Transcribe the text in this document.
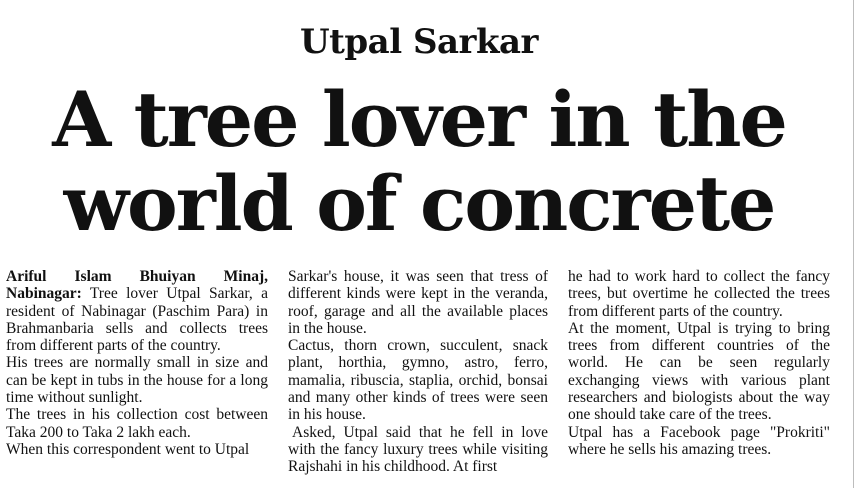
Utpal Sarkar
A tree lover in the world of concrete

Ariful Islam Bhuiyan Minaj, Nabinagar: Tree lover Utpal Sarkar, a resident of Nabinagar (Paschim Para) in Brahmanbaria sells and collects trees from different parts of the country.

His trees are normally small in size and can be kept in tubs in the house for a long time without sunlight.

The trees in his collection cost between Taka 200 to Taka 2 lakh each.

When this correspondent went to Utpal

Sarkar's house, it was seen that tress of different kinds were kept in the veranda, roof, garage and all the available places in the house.

Cactus, thorn crown, succulent, snack plant, horthia, gymno, astro, ferro, mamalia, ribuscia, staplia, orchid, bonsai and many other kinds of trees were seen in his house.

Asked, Utpal said that he fell in love with the fancy luxury trees while visiting Rajshahi in his childhood. At first

he had to work hard to collect the fancy trees, but overtime he collected the trees from different parts of the country.

At the moment, Utpal is trying to bring trees from different countries of the world. He can be seen regularly exchanging views with various plant researchers and biologists about the way one should take care of the trees.

Utpal has a Facebook page "Prokriti" where he sells his amazing trees.
